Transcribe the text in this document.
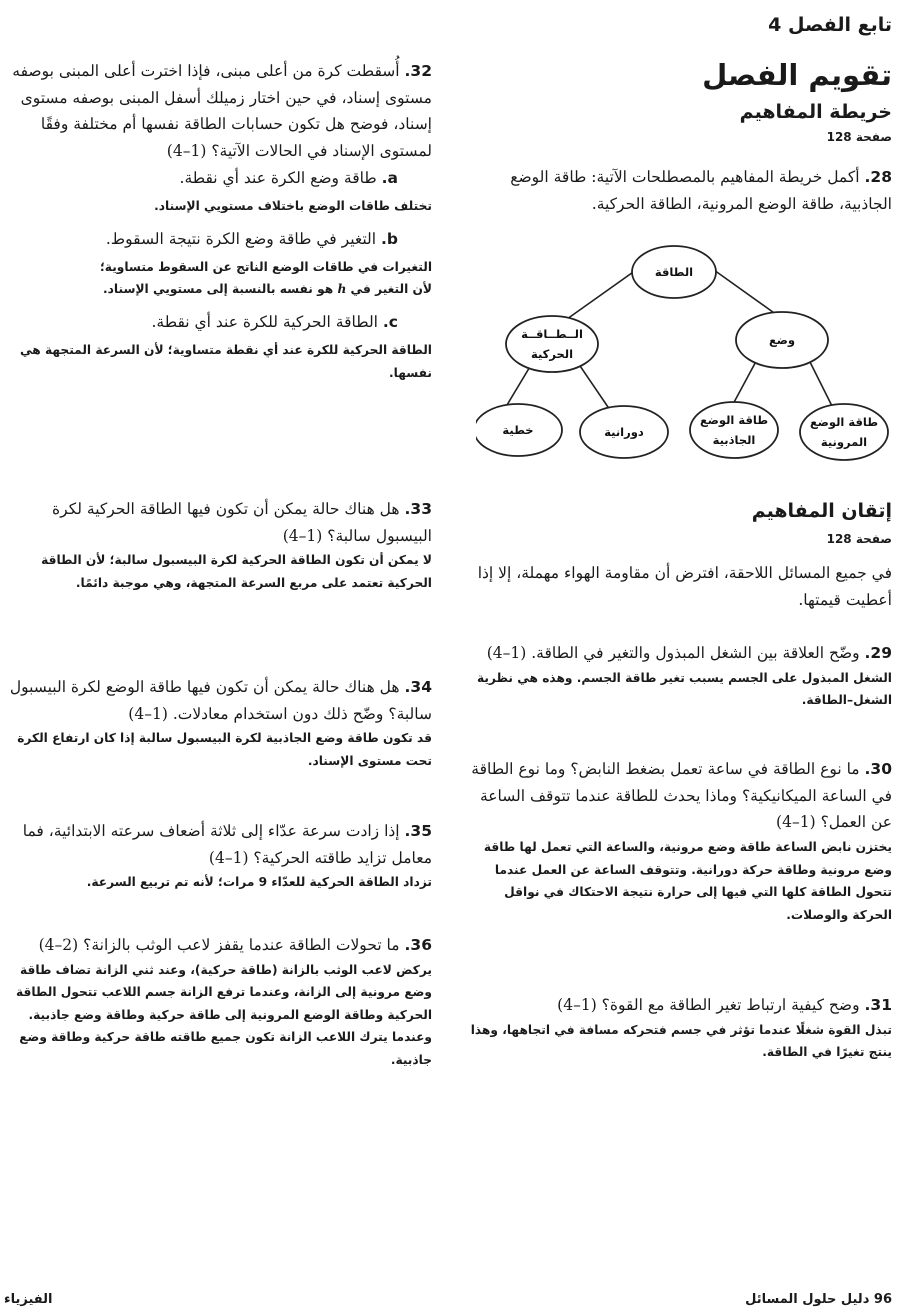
تابع الفصل 4
تقويم الفصل
خريطة المفاهيم
صفحة 128
28. أكمل خريطة المفاهيم بالمصطلحات الآتية: طاقة الوضع الجاذبية، طاقة الوضع المرونية، الطاقة الحركية.
الطاقة
الــطــاقــة
الحركية
وضع
خطية	دورانية
طاقة الوضع
الجاذبية
طاقة الوضع
المرونية
إتقان المفاهيم
صفحة 128
في جميع المسائل اللاحقة، افترض أن مقاومة الهواء مهملة، إلا إذا أعطيت قيمتها.
29. وضّح العلاقة بين الشغل المبذول والتغير في الطاقة. (1–4)
الشغل المبذول على الجسم يسبب تغير طاقة الجسم. وهذه هي نظرية الشغل–الطاقة.
30. ما نوع الطاقة في ساعة تعمل بضغط النابض؟ وما نوع الطاقة في الساعة الميكانيكية؟ وماذا يحدث للطاقة عندما تتوقف الساعة عن العمل؟ (1–4)
يختزن نابض الساعة طاقة وضع مرونية، والساعة التي تعمل لها طاقة وضع مرونية وطاقة حركة دورانية. وتتوقف الساعة عن العمل عندما تتحول الطاقة كلها التي فيها إلى حرارة نتيجة الاحتكاك في نواقل الحركة والوصلات.
31. وضح كيفية ارتباط تغير الطاقة مع القوة؟ (1–4)
تبذل القوة شغلًا عندما تؤثر في جسم فتحركه مسافة في اتجاهها، وهذا ينتج تغيرًا في الطاقة.
96 دليل حلول المسائل
32. أُسقطت كرة من أعلى مبنى، فإذا اخترت أعلى المبنى بوصفه مستوى إسناد، في حين اختار زميلك أسفل المبنى بوصفه مستوى إسناد، فوضح هل تكون حسابات الطاقة نفسها أم مختلفة وفقًا لمستوى الإسناد في الحالات الآتية؟ (1–4)
a. طاقة وضع الكرة عند أي نقطة.
تختلف طاقات الوضع باختلاف مستويي الإسناد.
b. التغير في طاقة وضع الكرة نتيجة السقوط.
التغيرات في طاقات الوضع الناتج عن السقوط متساوية؛
لأن التغير في h هو نفسه بالنسبة إلى مستويي الإسناد.
c. الطاقة الحركية للكرة عند أي نقطة.
الطاقة الحركية للكرة عند أي نقطة متساوية؛ لأن السرعة المتجهة هي نفسها.
33. هل هناك حالة يمكن أن تكون فيها الطاقة الحركية لكرة البيسبول سالبة؟ (1–4)
لا يمكن أن تكون الطاقة الحركية لكرة البيسبول سالبة؛ لأن الطاقة الحركية تعتمد على مربع السرعة المتجهة، وهي موجبة دائمًا.
34. هل هناك حالة يمكن أن تكون فيها طاقة الوضع لكرة البيسبول سالبة؟ وضّح ذلك دون استخدام معادلات. (1–4)
قد تكون طاقة وضع الجاذبية لكرة البيسبول سالبة إذا كان ارتفاع الكرة تحت مستوى الإسناد.
35. إذا زادت سرعة عدّاء إلى ثلاثة أضعاف سرعته الابتدائية، فما معامل تزايد طاقته الحركية؟ (1–4)
تزداد الطاقة الحركية للعدّاء 9 مرات؛ لأنه تم تربيع السرعة.
36. ما تحولات الطاقة عندما يقفز لاعب الوثب بالزانة؟ (2–4)
يركض لاعب الوثب بالزانة (طاقة حركية)، وعند ثني الزانة تضاف طاقة وضع مرونية إلى الزانة، وعندما ترفع الزانة جسم اللاعب تتحول الطاقة الحركية وطاقة الوضع المرونية إلى طاقة حركية وطاقة وضع جاذبية. وعندما يترك اللاعب الزانة تكون جميع طاقته طاقة حركية وطاقة وضع جاذبية.
الفيزياء
